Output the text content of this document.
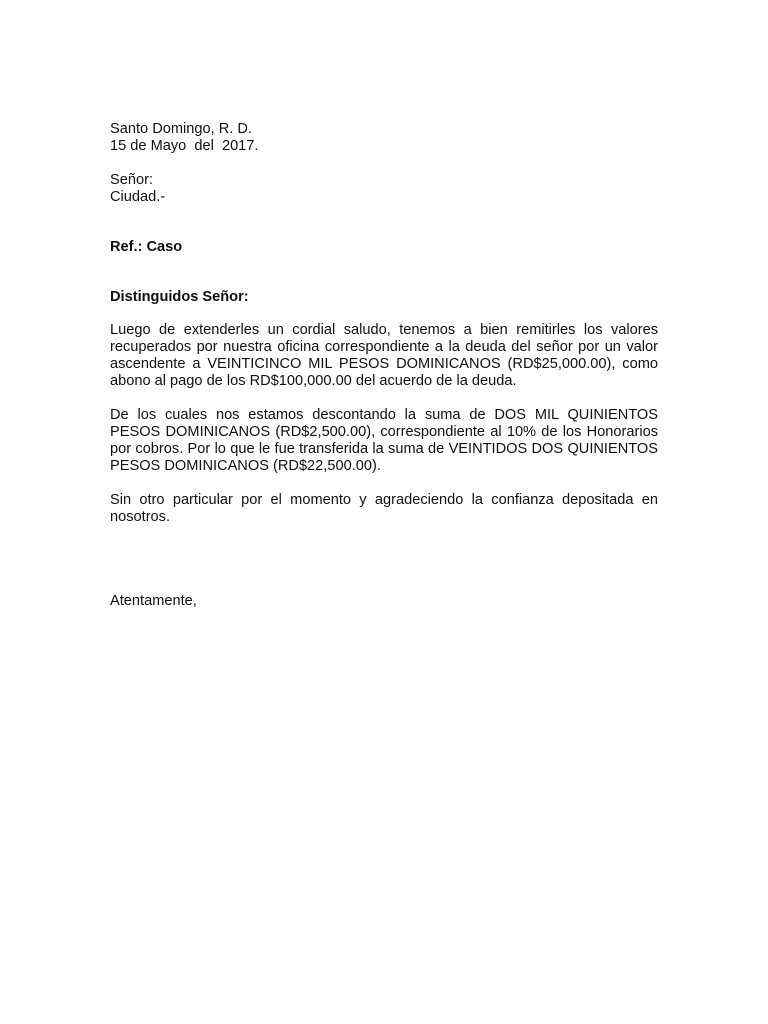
Santo Domingo, R. D.
15 de Mayo  del  2017.
Señor:
Ciudad.-
Ref.: Caso
Distinguidos Señor:

Luego de extenderles un cordial saludo, tenemos a bien remitirles los valores recuperados por nuestra oficina correspondiente a la deuda del señor por un valor ascendente a VEINTICINCO MIL PESOS DOMINICANOS (RD$25,000.00), como abono al pago de los RD$100,000.00 del acuerdo de la deuda.

De los cuales nos estamos descontando la suma de DOS MIL QUINIENTOS PESOS DOMINICANOS (RD$2,500.00), correspondiente al 10% de los Honorarios por cobros. Por lo que le fue transferida la suma de VEINTIDOS DOS QUINIENTOS PESOS DOMINICANOS (RD$22,500.00).

Sin otro particular por el momento y agradeciendo la confianza depositada en nosotros.

Atentamente,
